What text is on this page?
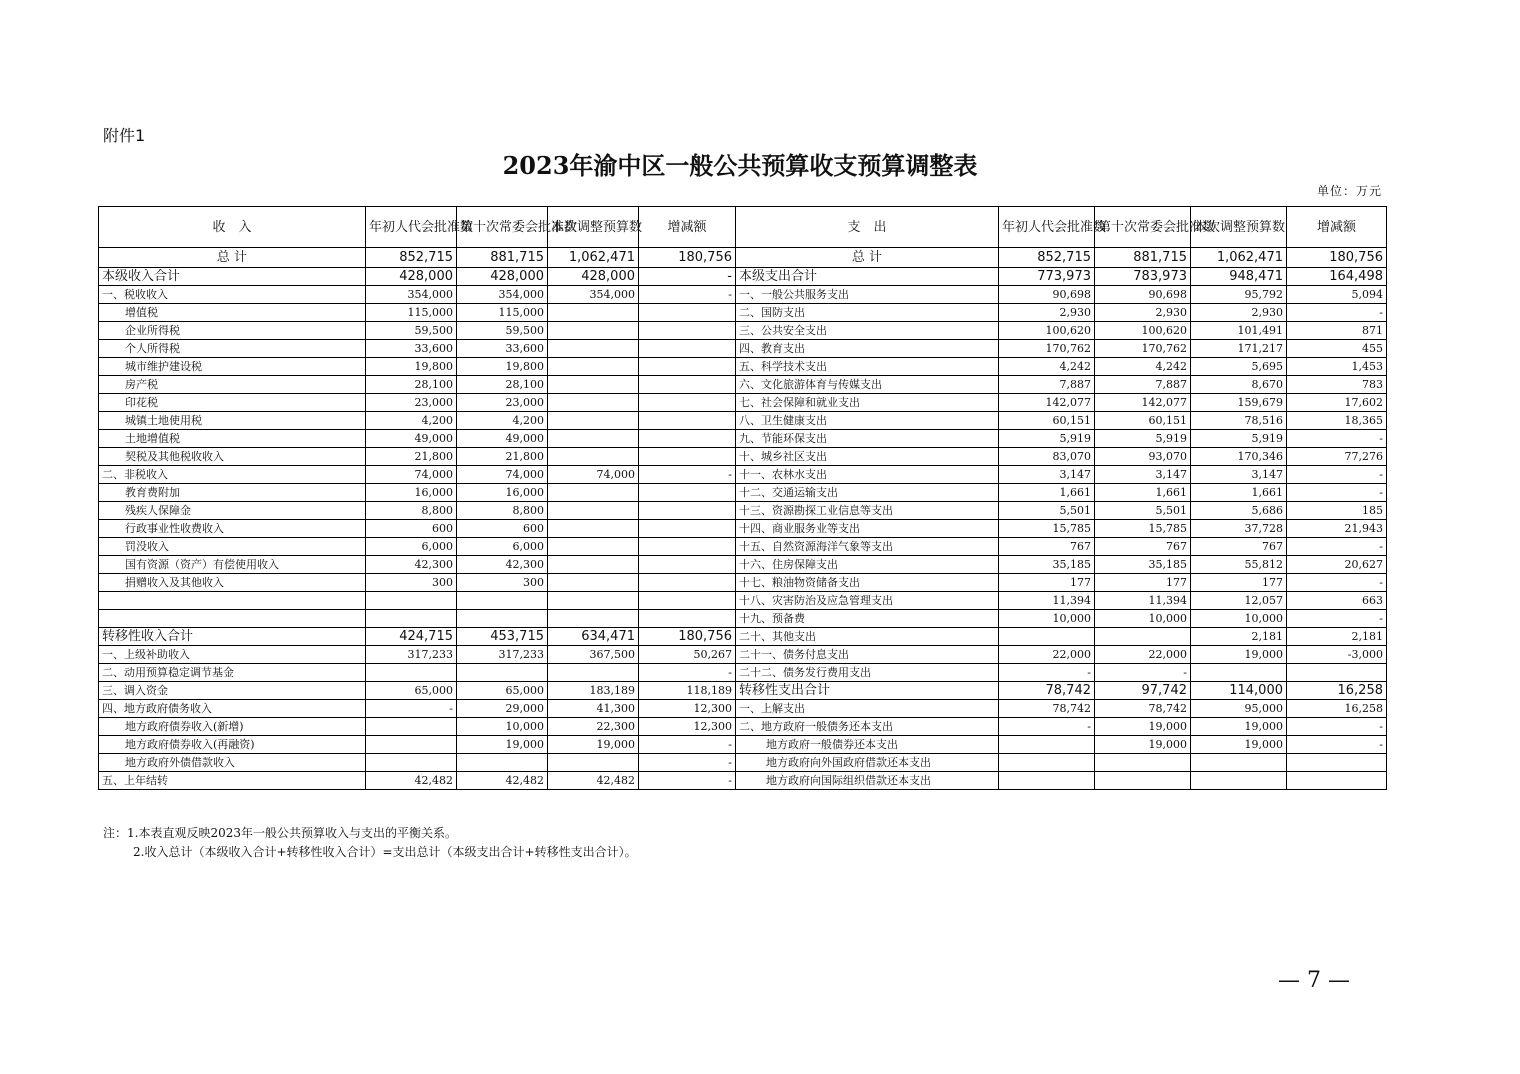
附件1
2023年渝中区一般公共预算收支预算调整表
单位：万元
收　入	年初人代会批准数	第十次常委会批准数	本次调整预算数	增减额	支　出	年初人代会批准数	第十次常委会批准数	本次调整预算数	增减额
总 计	852,715	881,715	1,062,471	180,756	总 计	852,715	881,715	1,062,471	180,756
本级收入合计	428,000	428,000	428,000	-	本级支出合计	773,973	783,973	948,471	164,498
一、税收收入	354,000	354,000	354,000	-	一、一般公共服务支出	90,698	90,698	95,792	5,094
增值税	115,000	115,000			二、国防支出	2,930	2,930	2,930	-
企业所得税	59,500	59,500			三、公共安全支出	100,620	100,620	101,491	871
个人所得税	33,600	33,600			四、教育支出	170,762	170,762	171,217	455
城市维护建设税	19,800	19,800			五、科学技术支出	4,242	4,242	5,695	1,453
房产税	28,100	28,100			六、文化旅游体育与传媒支出	7,887	7,887	8,670	783
印花税	23,000	23,000			七、社会保障和就业支出	142,077	142,077	159,679	17,602
城镇土地使用税	4,200	4,200			八、卫生健康支出	60,151	60,151	78,516	18,365
土地增值税	49,000	49,000			九、节能环保支出	5,919	5,919	5,919	-
契税及其他税收收入	21,800	21,800			十、城乡社区支出	83,070	93,070	170,346	77,276
二、非税收入	74,000	74,000	74,000	-	十一、农林水支出	3,147	3,147	3,147	-
教育费附加	16,000	16,000			十二、交通运输支出	1,661	1,661	1,661	-
残疾人保障金	8,800	8,800			十三、资源勘探工业信息等支出	5,501	5,501	5,686	185
行政事业性收费收入	600	600			十四、商业服务业等支出	15,785	15,785	37,728	21,943
罚没收入	6,000	6,000			十五、自然资源海洋气象等支出	767	767	767	-
国有资源（资产）有偿使用收入	42,300	42,300			十六、住房保障支出	35,185	35,185	55,812	20,627
捐赠收入及其他收入	300	300			十七、粮油物资储备支出	177	177	177	-
					十八、灾害防治及应急管理支出	11,394	11,394	12,057	663
					十九、预备费	10,000	10,000	10,000	-
转移性收入合计	424,715	453,715	634,471	180,756	二十、其他支出			2,181	2,181
一、上级补助收入	317,233	317,233	367,500	50,267	二十一、债务付息支出	22,000	22,000	19,000	-3,000
二、动用预算稳定调节基金				-	二十二、债务发行费用支出	-	-		
三、调入资金	65,000	65,000	183,189	118,189	转移性支出合计	78,742	97,742	114,000	16,258
四、地方政府债务收入	-	29,000	41,300	12,300	一、上解支出	78,742	78,742	95,000	16,258
地方政府债券收入(新增)		10,000	22,300	12,300	二、地方政府一般债务还本支出	-	19,000	19,000	-
地方政府债券收入(再融资)		19,000	19,000	-	地方政府一般债券还本支出		19,000	19,000	-
地方政府外债借款收入				-	地方政府向外国政府借款还本支出				
五、上年结转	42,482	42,482	42,482	-	地方政府向国际组织借款还本支出				
注：1.本表直观反映2023年一般公共预算收入与支出的平衡关系。
2.收入总计（本级收入合计+转移性收入合计）=支出总计（本级支出合计+转移性支出合计）。
— 7 —
